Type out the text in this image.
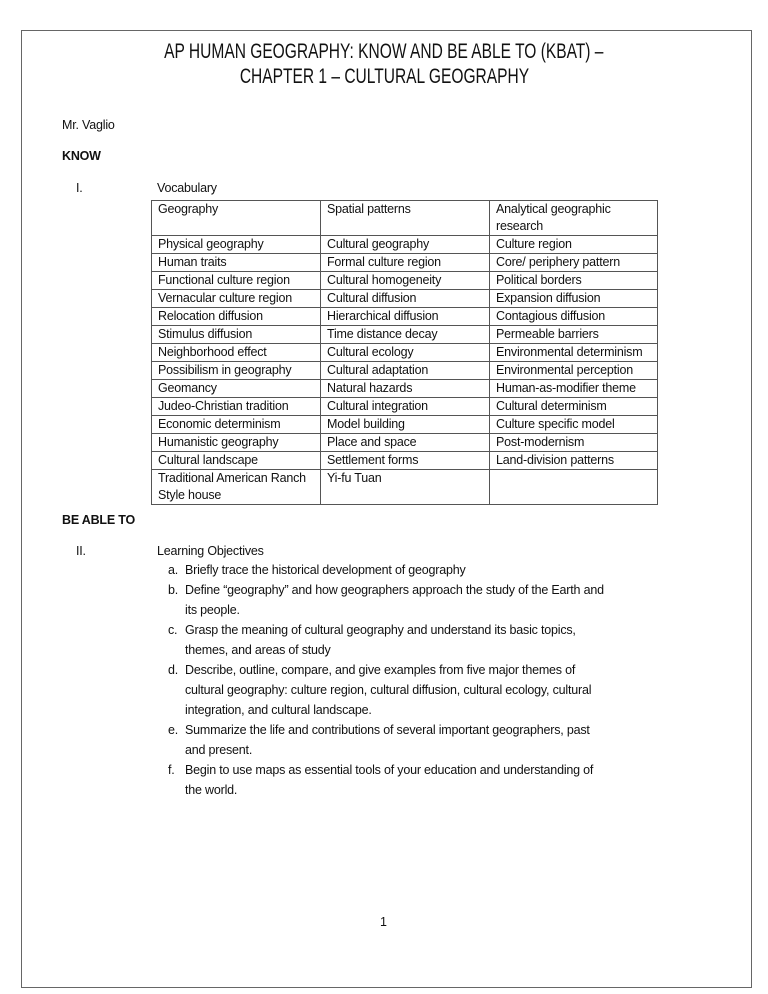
AP HUMAN GEOGRAPHY: KNOW AND BE ABLE TO (KBAT) –
CHAPTER 1 – CULTURAL GEOGRAPHY
Mr. Vaglio
KNOW
I.	Vocabulary
Geography	Spatial patterns	Analytical geographic research
Physical geography	Cultural geography	Culture region
Human traits	Formal culture region	Core/ periphery pattern
Functional culture region	Cultural homogeneity	Political borders
Vernacular culture region	Cultural diffusion	Expansion diffusion
Relocation diffusion	Hierarchical diffusion	Contagious diffusion
Stimulus diffusion	Time distance decay	Permeable barriers
Neighborhood effect	Cultural ecology	Environmental determinism
Possibilism in geography	Cultural adaptation	Environmental perception
Geomancy	Natural hazards	Human-as-modifier theme
Judeo-Christian tradition	Cultural integration	Cultural determinism
Economic determinism	Model building	Culture specific model
Humanistic geography	Place and space	Post-modernism
Cultural landscape	Settlement forms	Land-division patterns
Traditional American Ranch Style house	Yi-fu Tuan	
BE ABLE TO
II.	Learning Objectives
a. Briefly trace the historical development of geography
b. Define “geography” and how geographers approach the study of the Earth and its people.
c. Grasp the meaning of cultural geography and understand its basic topics, themes, and areas of study
d. Describe, outline, compare, and give examples from five major themes of cultural geography: culture region, cultural diffusion, cultural ecology, cultural integration, and cultural landscape.
e. Summarize the life and contributions of several important geographers, past and present.
f. Begin to use maps as essential tools of your education and understanding of the world.
1
